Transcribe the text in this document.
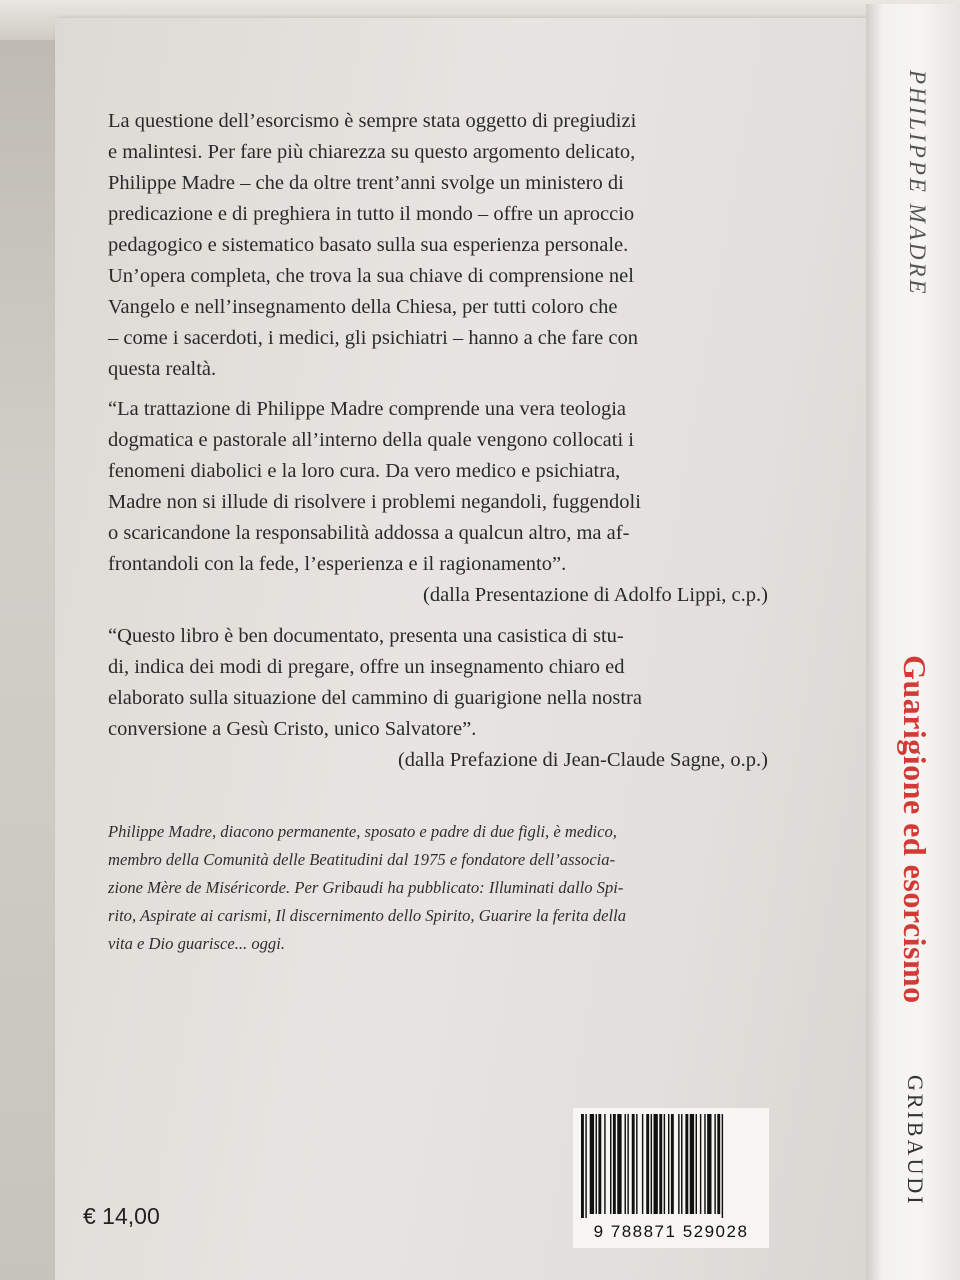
La questione dell’esorcismo è sempre stata oggetto di pregiudizi
e malintesi. Per fare più chiarezza su questo argomento delicato,
Philippe Madre – che da oltre trent’anni svolge un ministero di
predicazione e di preghiera in tutto il mondo – offre un aproccio
pedagogico e sistematico basato sulla sua esperienza personale.
Un’opera completa, che trova la sua chiave di comprensione nel
Vangelo e nell’insegnamento della Chiesa, per tutti coloro che
– come i sacerdoti, i medici, gli psichiatri – hanno a che fare con
questa realtà.
“La trattazione di Philippe Madre comprende una vera teologia
dogmatica e pastorale all’interno della quale vengono collocati i
fenomeni diabolici e la loro cura. Da vero medico e psichiatra,
Madre non si illude di risolvere i problemi negandoli, fuggendoli
o scaricandone la responsabilità addossa a qualcun altro, ma af-
frontandoli con la fede, l’esperienza e il ragionamento”.
(dalla Presentazione di Adolfo Lippi, c.p.)
“Questo libro è ben documentato, presenta una casistica di stu-
di, indica dei modi di pregare, offre un insegnamento chiaro ed
elaborato sulla situazione del cammino di guarigione nella nostra
conversione a Gesù Cristo, unico Salvatore”.
(dalla Prefazione di Jean-Claude Sagne, o.p.)
Philippe Madre, diacono permanente, sposato e padre di due figli, è medico,
membro della Comunità delle Beatitudini dal 1975 e fondatore dell’associa-
zione Mère de Miséricorde. Per Gribaudi ha pubblicato: Illuminati dallo Spi-
rito, Aspirate ai carismi, Il discernimento dello Spirito, Guarire la ferita della
vita e Dio guarisce... oggi.
€ 14,00
9 788871 529028
PHILIPPE MADRE
Guarigione ed esorcismo
GRIBAUDI
